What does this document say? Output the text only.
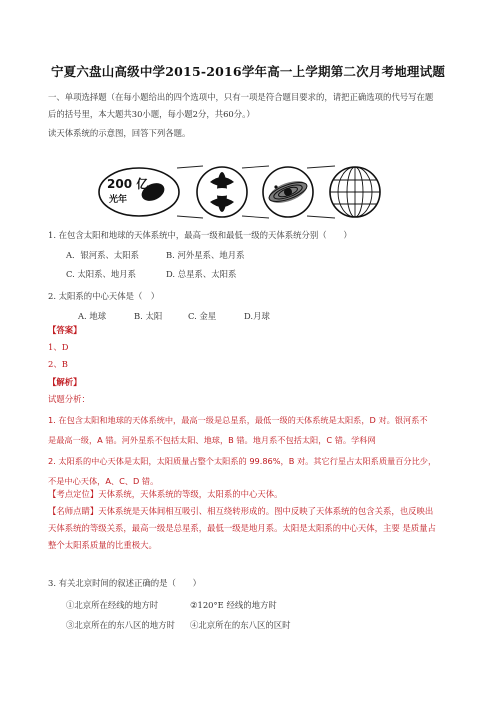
宁夏六盘山高级中学2015-2016学年高一上学期第二次月考地理试题
一、单项选择题（在每小题给出的四个选项中，只有一项是符合题目要求的，请把正确选项的代号写在题
后的括号里，本大题共30小题，每小题2分，共60分。）
读天体系统的示意图，回答下列各题。
200 亿
光年
1. 在包含太阳和地球的天体系统中，最高一级和最低一级的天体系统分别（　　）
A．银河系、太阳系	B. 河外星系、地月系
C. 太阳系、地月系	D. 总星系、太阳系
2. 太阳系的中心天体是（　）
A. 地球	B. 太阳	C. 金星	D.月球
【答案】
1、D
2、B
【解析】
试题分析：
1. 在包含太阳和地球的天体系统中，最高一级是总星系，最低一级的天体系统是太阳系，D 对。银河系不
是最高一级，A 错。河外星系不包括太阳、地球，B 错。地月系不包括太阳，C 错。学科网
2. 太阳系的中心天体是太阳，太阳质量占整个太阳系的 99.86%，B 对。其它行星占太阳系质量百分比少，
不是中心天体，A、C、D 错。
【考点定位】天体系统，天体系统的等级，太阳系的中心天体。
【名师点睛】天体系统是天体间相互吸引、相互绕转形成的。图中反映了天体系统的包含关系，也反映出
天体系统的等级关系，最高一级是总星系，最低一级是地月系。太阳是太阳系的中心天体，主要 是质量占
整个太阳系质量的比重极大。
3. 有关北京时间的叙述正确的是（　　）
①北京所在经线的地方时	②120°E 经线的地方时
③北京所在的东八区的地方时 ④北京所在的东八区的区时
